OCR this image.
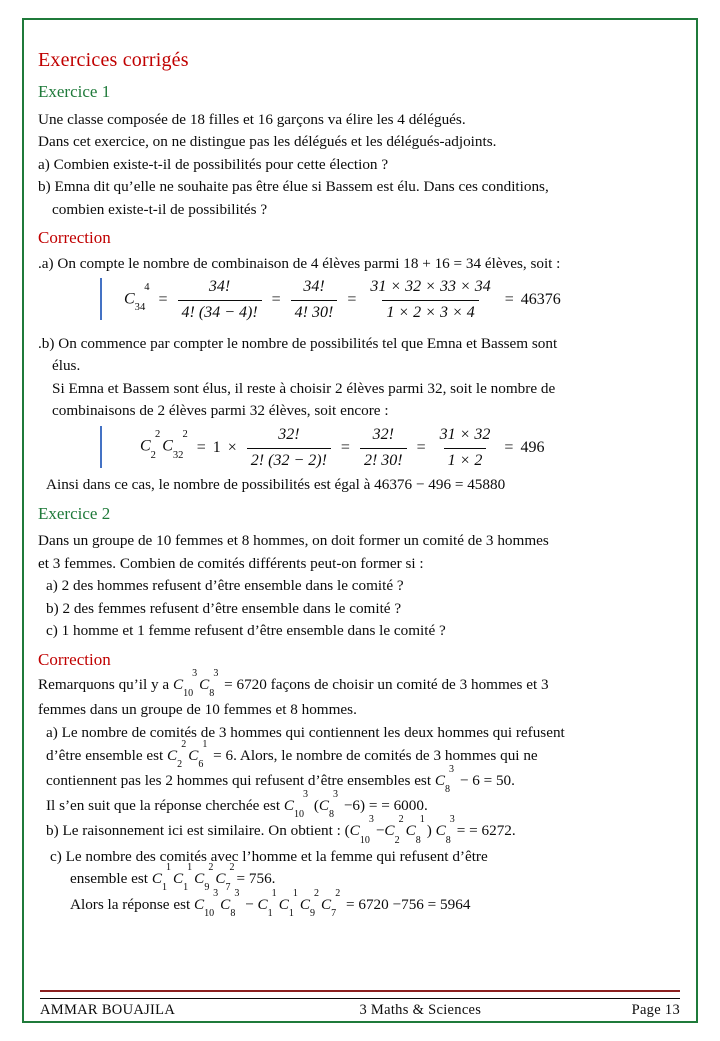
Exercices corrigés
Exercice 1

Une classe composée de 18 filles et 16 garçons va élire les 4 délégués.

Dans cet exercice, on ne distingue pas les délégués et les délégués-adjoints.

a) Combien existe-t-il de possibilités pour cette élection ?

b) Emna dit qu’elle ne souhaite pas être élue si Bassem est élu. Dans ces conditions,

combien existe-t-il de possibilités ?

Correction

.a) On compte le nombre de combinaison de 4 élèves parmi 18 + 16 = 34 élèves, soit :

$C_{34}^4$
= $\frac{34!}{4! (34 - 4)!} = \frac{34!}{4! 30!} = \frac{31 \times 32 \times 33 \times 34}{1 \times 2 \times 3 \times 4} = 46376$

.b) On commence par compter le nombre de possibilités tel que Emna et Bassem sont

élus.

Si Emna et Bassem sont élus, il reste à choisir 2 élèves parmi 32, soit le nombre de

combinaisons de 2 élèves parmi 32 élèves, soit encore :

$C_2^2$
$C_{32}^2$
= $1 \times \frac{32!}{2! (32 - 2)!} = \frac{32!}{2! 30!} = \frac{31 \times 32}{1 \times 2} = 496$

Ainsi dans ce cas, le nombre de possibilités est égal à 46376 − 496 = 45880

Exercice 2

Dans un groupe de 10 femmes et 8 hommes, on doit former un comité de 3 hommes

et 3 femmes. Combien de comités différents peut-on former si :

a) 2 des hommes refusent d’être ensemble dans le comité ?

b) 2 des femmes refusent d’être ensemble dans le comité ?

c) 1 homme et 1 femme refusent d’être ensemble dans le comité ?

Correction

Remarquons qu’il y a $C_{10}^3C_8^3 = 6720$ façons de choisir un comité de 3 hommes et 3

femmes dans un groupe de 10 femmes et 8 hommes.

a) Le nombre de comités de 3 hommes qui contiennent les deux hommes qui refusent

d’être ensemble est $C_2^2C_6^1 = 6$. Alors, le nombre de comités de 3 hommes qui ne

contiennent pas les 2 hommes qui refusent d’être ensembles est $C_8^3 - 6 = 50$.

Il s’en suit que la réponse cherchée est $C_{10}^3$ $(C_8^3 -6)$ = = 6000.

b) Le raisonnement ici est similaire. On obtient : $(C_{10}^3-C_2^2C_8^1) C_8^3= = 6272$.

c) Le nombre des comités avec l’homme et la femme qui refusent d’être

ensemble est $C_1^1C_1^1C_9^2C_7^2= 756$.

Alors la réponse est $C_{10}^3C_8^3 - C_1^1C_1^1C_9^2C_7^2 = 6720 -756 = 5964$

AMMAR BOUAJILA	3 Maths & Sciences	Page 13
